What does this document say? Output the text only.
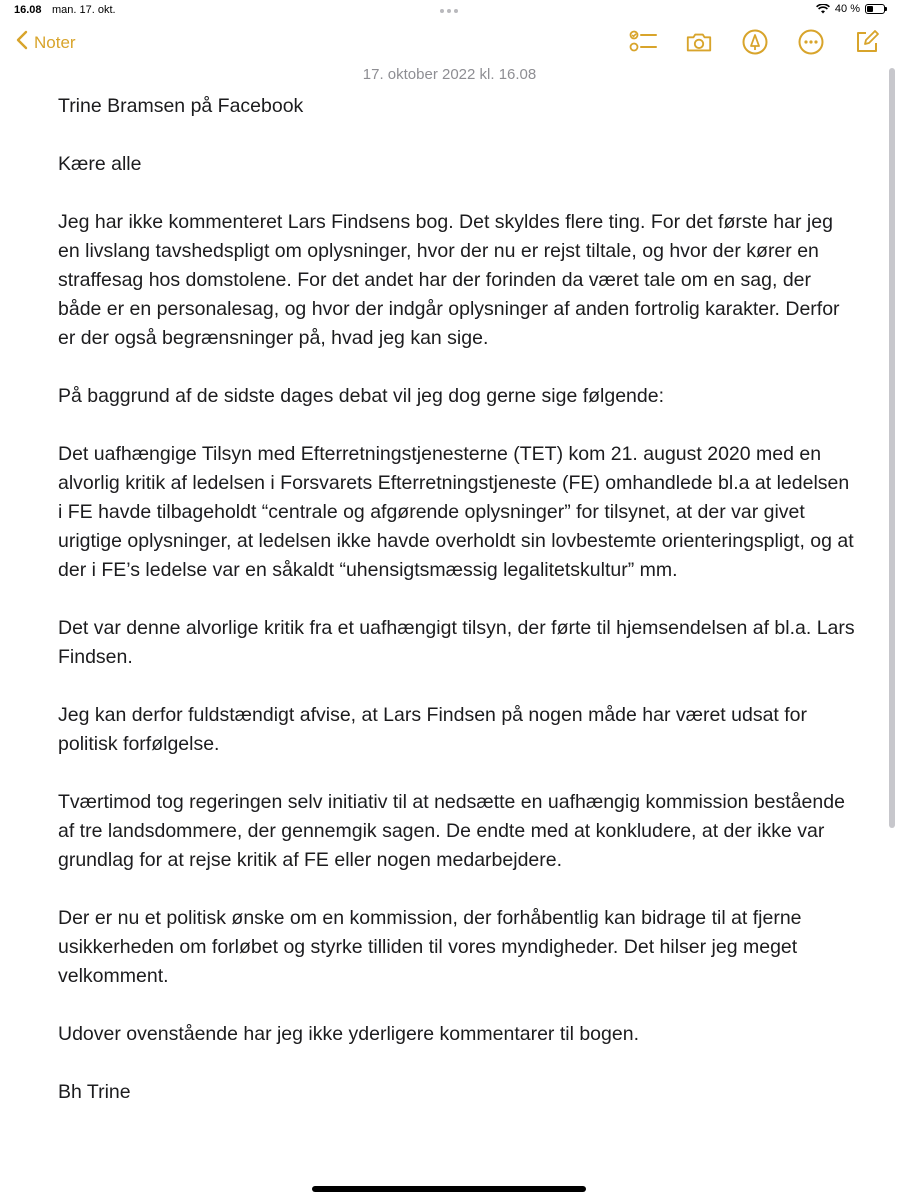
16.08 man. 17. okt.	40 %
Noter
17. oktober 2022 kl. 16.08

Trine Bramsen på Facebook

Kære alle

Jeg har ikke kommenteret Lars Findsens bog. Det skyldes flere ting. For det første har jeg en livslang tavshedspligt om oplysninger, hvor der nu er rejst tiltale, og hvor der kører en straffesag hos domstolene. For det andet har der forinden da været tale om en sag, der både er en personalesag, og hvor der indgår oplysninger af anden fortrolig karakter. Derfor er der også begrænsninger på, hvad jeg kan sige.

På baggrund af de sidste dages debat vil jeg dog gerne sige følgende:

Det uafhængige Tilsyn med Efterretningstjenesterne (TET) kom 21. august 2020 med en alvorlig kritik af ledelsen i Forsvarets Efterretningstjeneste (FE) omhandlede bl.a at ledelsen i FE havde tilbageholdt “centrale og afgørende oplysninger” for tilsynet, at der var givet urigtige oplysninger, at ledelsen ikke havde overholdt sin lovbestemte orienteringspligt, og at der i FE’s ledelse var en såkaldt “uhensigtsmæssig legalitetskultur” mm.

Det var denne alvorlige kritik fra et uafhængigt tilsyn, der førte til hjemsendelsen af bl.a. Lars Findsen.

Jeg kan derfor fuldstændigt afvise, at Lars Findsen på nogen måde har været udsat for politisk forfølgelse.

Tværtimod tog regeringen selv initiativ til at nedsætte en uafhængig kommission bestående af tre landsdommere, der gennemgik sagen. De endte med at konkludere, at der ikke var grundlag for at rejse kritik af FE eller nogen medarbejdere.

Der er nu et politisk ønske om en kommission, der forhåbentlig kan bidrage til at fjerne usikkerheden om forløbet og styrke tilliden til vores myndigheder. Det hilser jeg meget velkomment.

Udover ovenstående har jeg ikke yderligere kommentarer til bogen.

Bh Trine
